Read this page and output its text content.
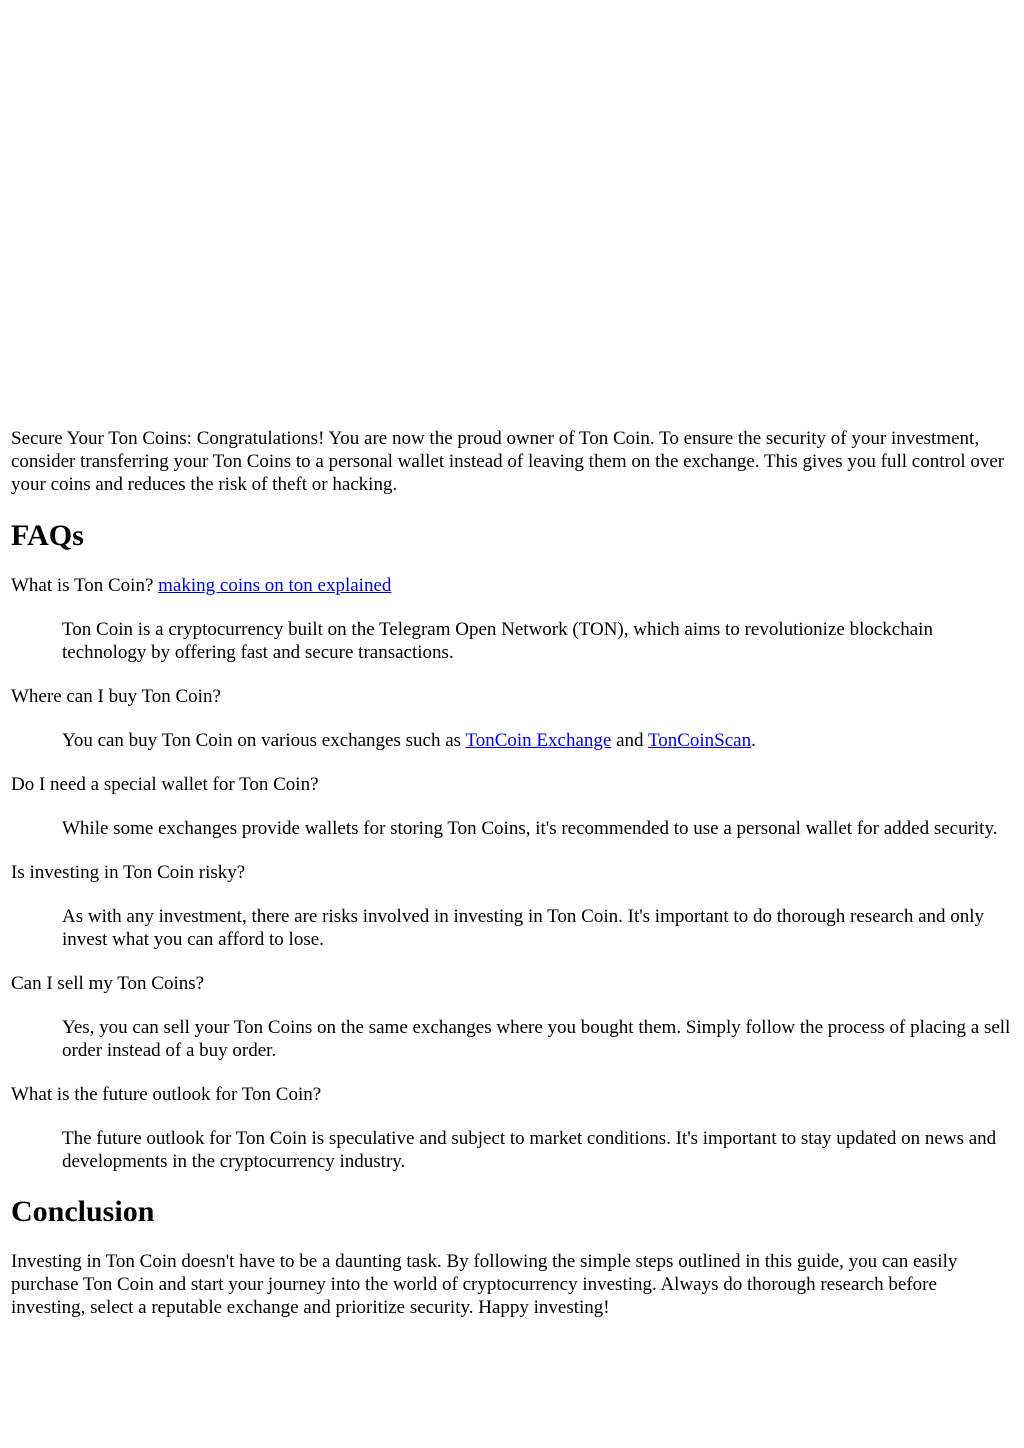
Secure Your Ton Coins: Congratulations! You are now the proud owner of Ton Coin. To ensure the security of your investment, consider transferring your Ton Coins to a personal wallet instead of leaving them on the exchange. This gives you full control over your coins and reduces the risk of theft or hacking.

FAQs

What is Ton Coin? making coins on ton explained

Ton Coin is a cryptocurrency built on the Telegram Open Network (TON), which aims to revolutionize blockchain technology by offering fast and secure transactions.

Where can I buy Ton Coin?

You can buy Ton Coin on various exchanges such as TonCoin Exchange and TonCoinScan.

Do I need a special wallet for Ton Coin?

While some exchanges provide wallets for storing Ton Coins, it's recommended to use a personal wallet for added security.

Is investing in Ton Coin risky?

As with any investment, there are risks involved in investing in Ton Coin. It's important to do thorough research and only invest what you can afford to lose.

Can I sell my Ton Coins?

Yes, you can sell your Ton Coins on the same exchanges where you bought them. Simply follow the process of placing a sell order instead of a buy order.

What is the future outlook for Ton Coin?

The future outlook for Ton Coin is speculative and subject to market conditions. It's important to stay updated on news and developments in the cryptocurrency industry.

Conclusion

Investing in Ton Coin doesn't have to be a daunting task. By following the simple steps outlined in this guide, you can easily purchase Ton Coin and start your journey into the world of cryptocurrency investing. Always do thorough research before investing, select a reputable exchange and prioritize security. Happy investing!
